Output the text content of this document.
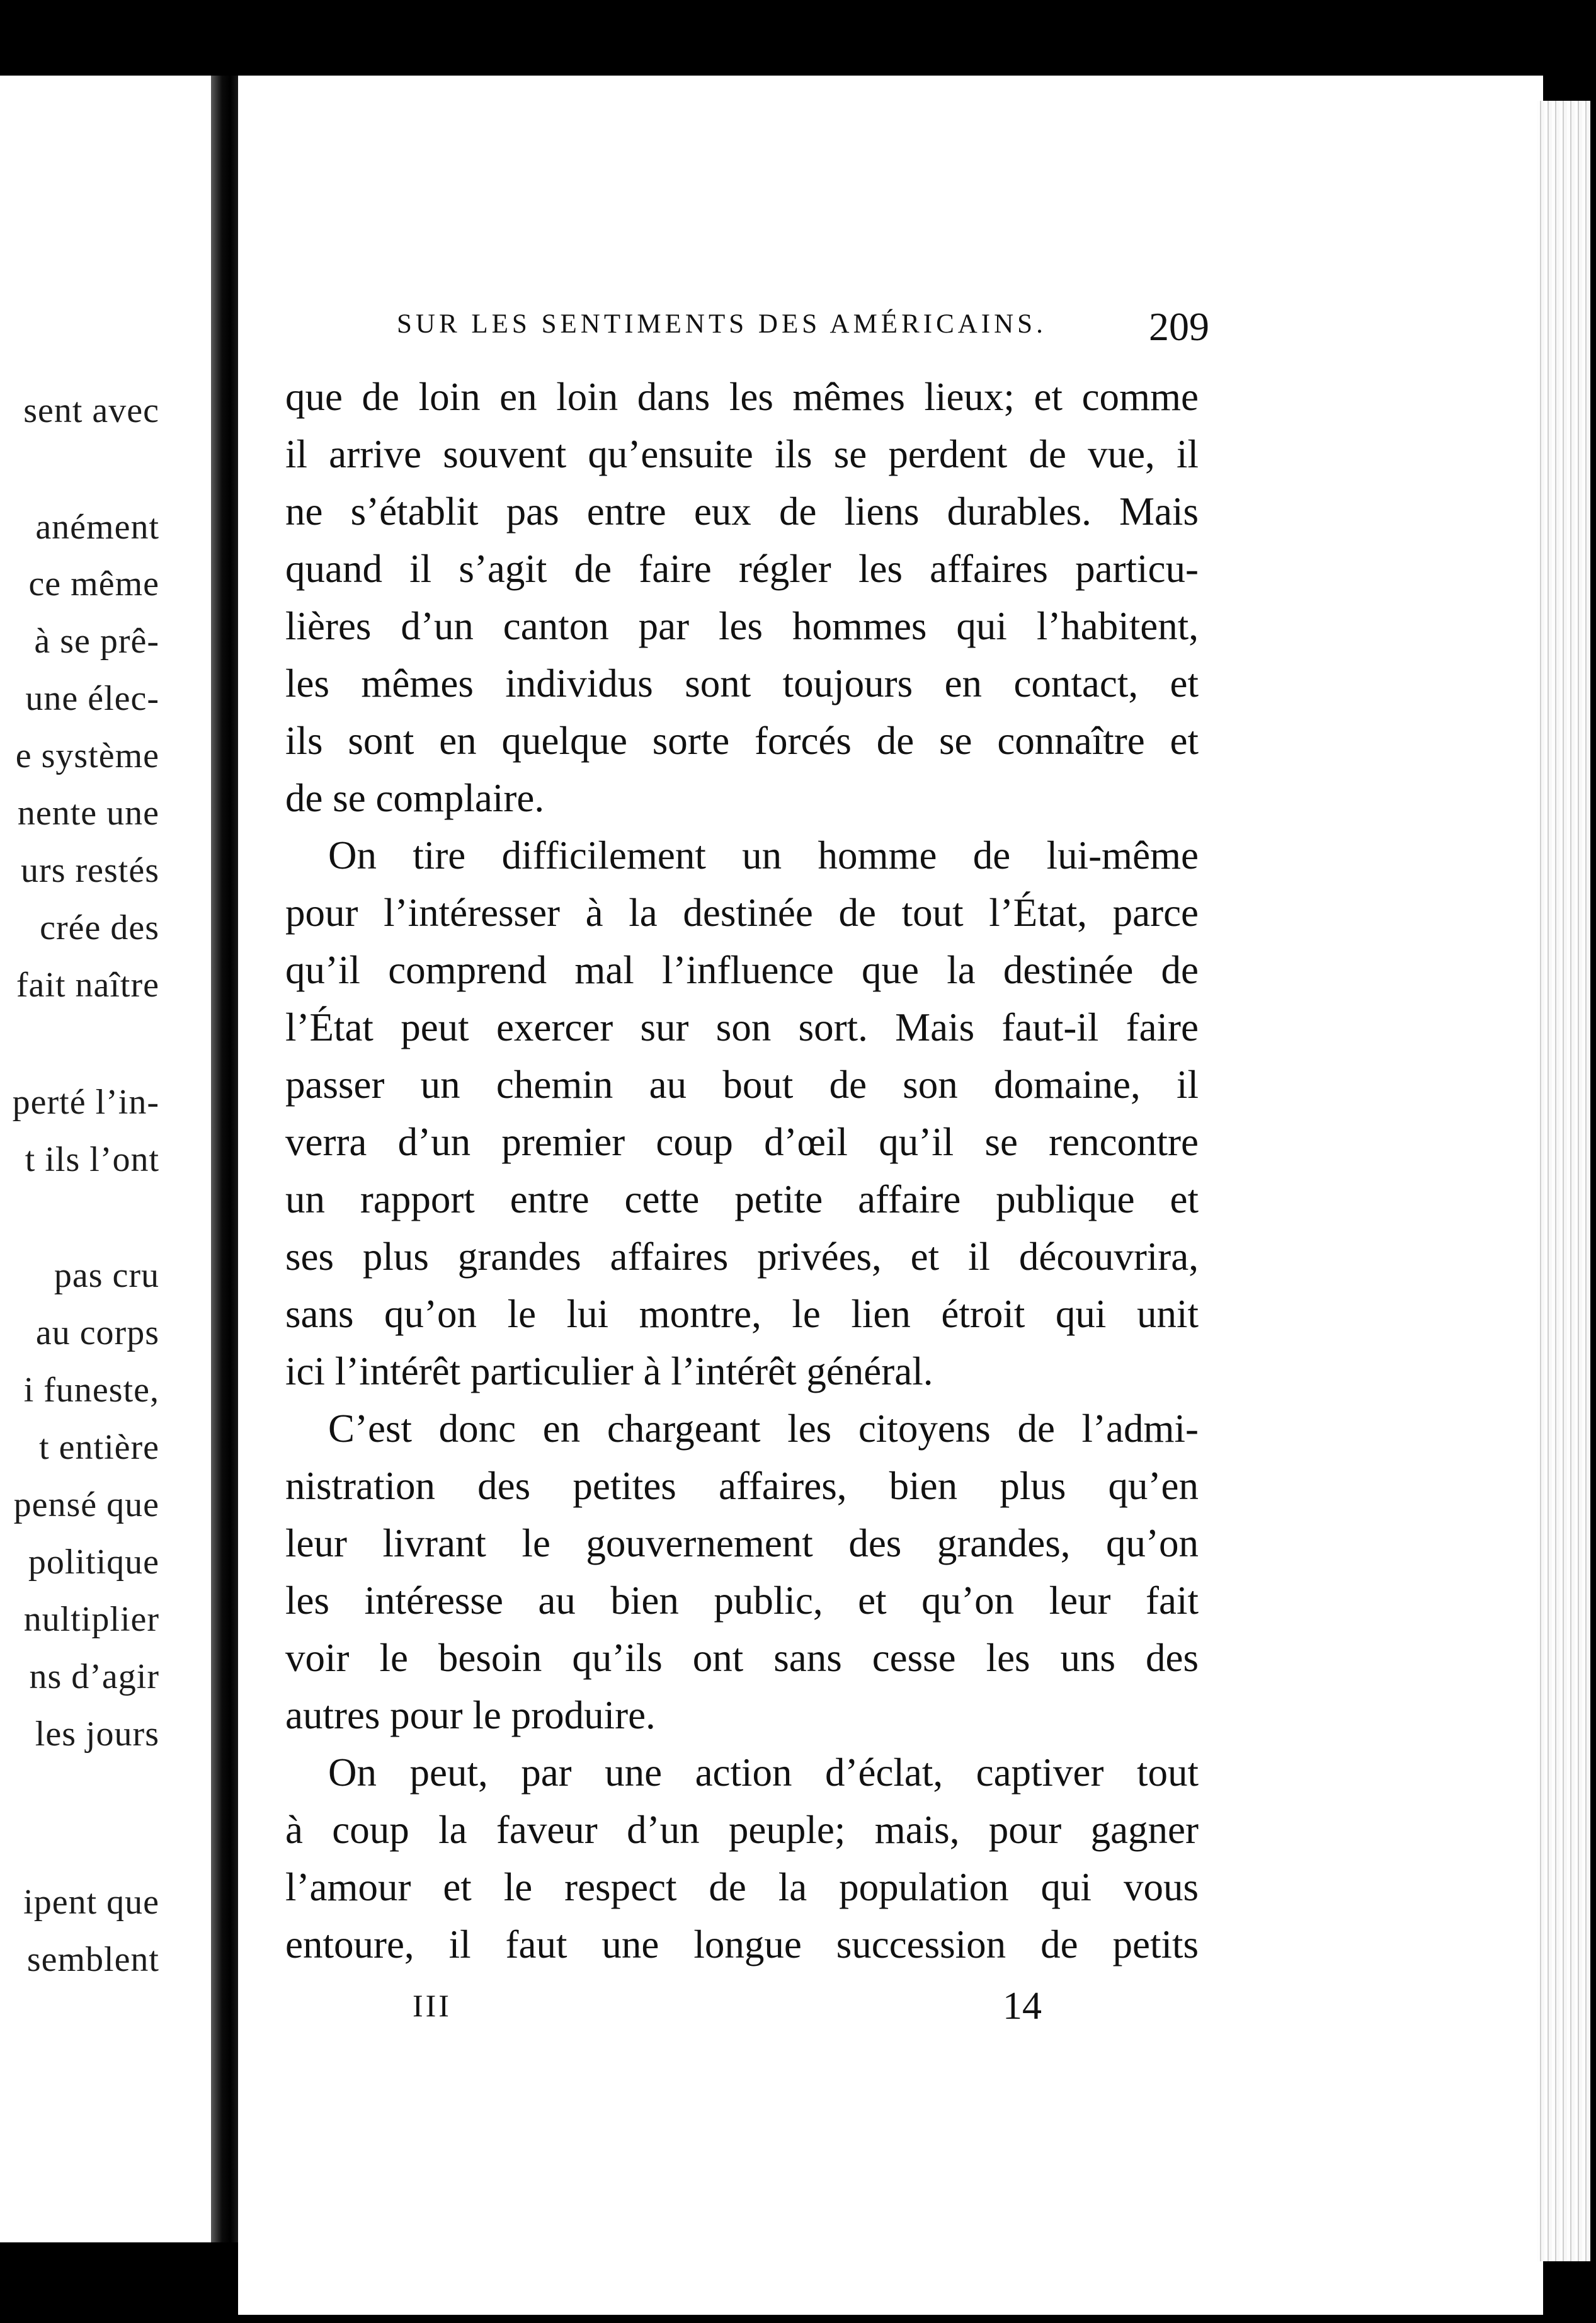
sent avec
anément
ce même
à se prê-
une élec-
e système
nente une
urs restés
crée des
fait naître
perté l’in-
t ils l’ont
pas cru
au corps
i funeste,
t entière
pensé que
politique
nultiplier
ns d’agir
les jours
ipent que
semblent
SUR LES SENTIMENTS DES AMÉRICAINS.	209
que de loin en loin dans les mêmes lieux; et comme
il arrive souvent qu’ensuite ils se perdent de vue, il
ne s’établit pas entre eux de liens durables. Mais
quand il s’agit de faire régler les affaires particu-
lières d’un canton par les hommes qui l’habitent,
les mêmes individus sont toujours en contact, et
ils sont en quelque sorte forcés de se connaître et
de se complaire.
On tire difficilement un homme de lui-même
pour l’intéresser à la destinée de tout l’État, parce
qu’il comprend mal l’influence que la destinée de
l’État peut exercer sur son sort. Mais faut-il faire
passer un chemin au bout de son domaine, il
verra d’un premier coup d’œil qu’il se rencontre
un rapport entre cette petite affaire publique et
ses plus grandes affaires privées, et il découvrira,
sans qu’on le lui montre, le lien étroit qui unit
ici l’intérêt particulier à l’intérêt général.
C’est donc en chargeant les citoyens de l’admi-
nistration des petites affaires, bien plus qu’en
leur livrant le gouvernement des grandes, qu’on
les intéresse au bien public, et qu’on leur fait
voir le besoin qu’ils ont sans cesse les uns des
autres pour le produire.
On peut, par une action d’éclat, captiver tout
à coup la faveur d’un peuple; mais, pour gagner
l’amour et le respect de la population qui vous
entoure, il faut une longue succession de petits
III	14
